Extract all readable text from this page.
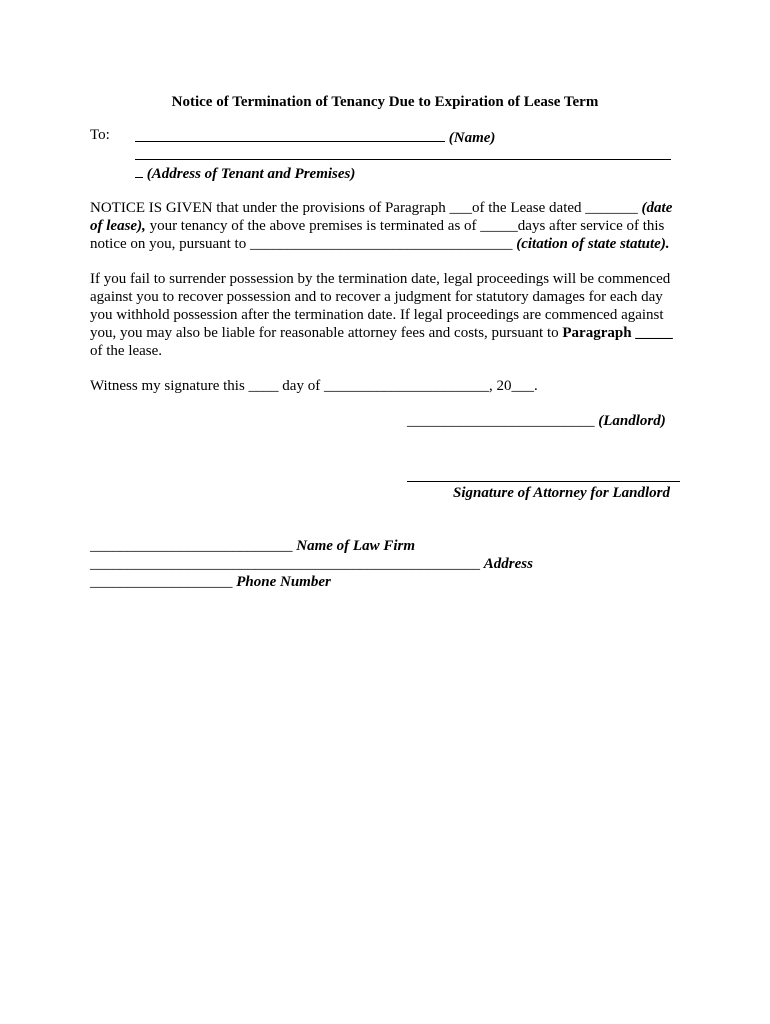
Notice of Termination of Tenancy Due to Expiration of Lease Term
To:	(Name)
(Address of Tenant and Premises)
NOTICE IS GIVEN that under the provisions of Paragraph ___of the Lease dated _______ (date of lease), your tenancy of the above premises is terminated as of _____days after service of this notice on you, pursuant to ___________________________________ (citation of state statute).
If you fail to surrender possession by the termination date, legal proceedings will be commenced against you to recover possession and to recover a judgment for statutory damages for each day you withhold possession after the termination date. If legal proceedings are commenced against you, you may also be liable for reasonable attorney fees and costs, pursuant to Paragraph _____ of the lease.
Witness my signature this ____ day of ______________________, 20___.
_________________________ (Landlord)
Signature of Attorney for Landlord
___________________________ Name of Law Firm
____________________________________________________ Address
___________________ Phone Number
